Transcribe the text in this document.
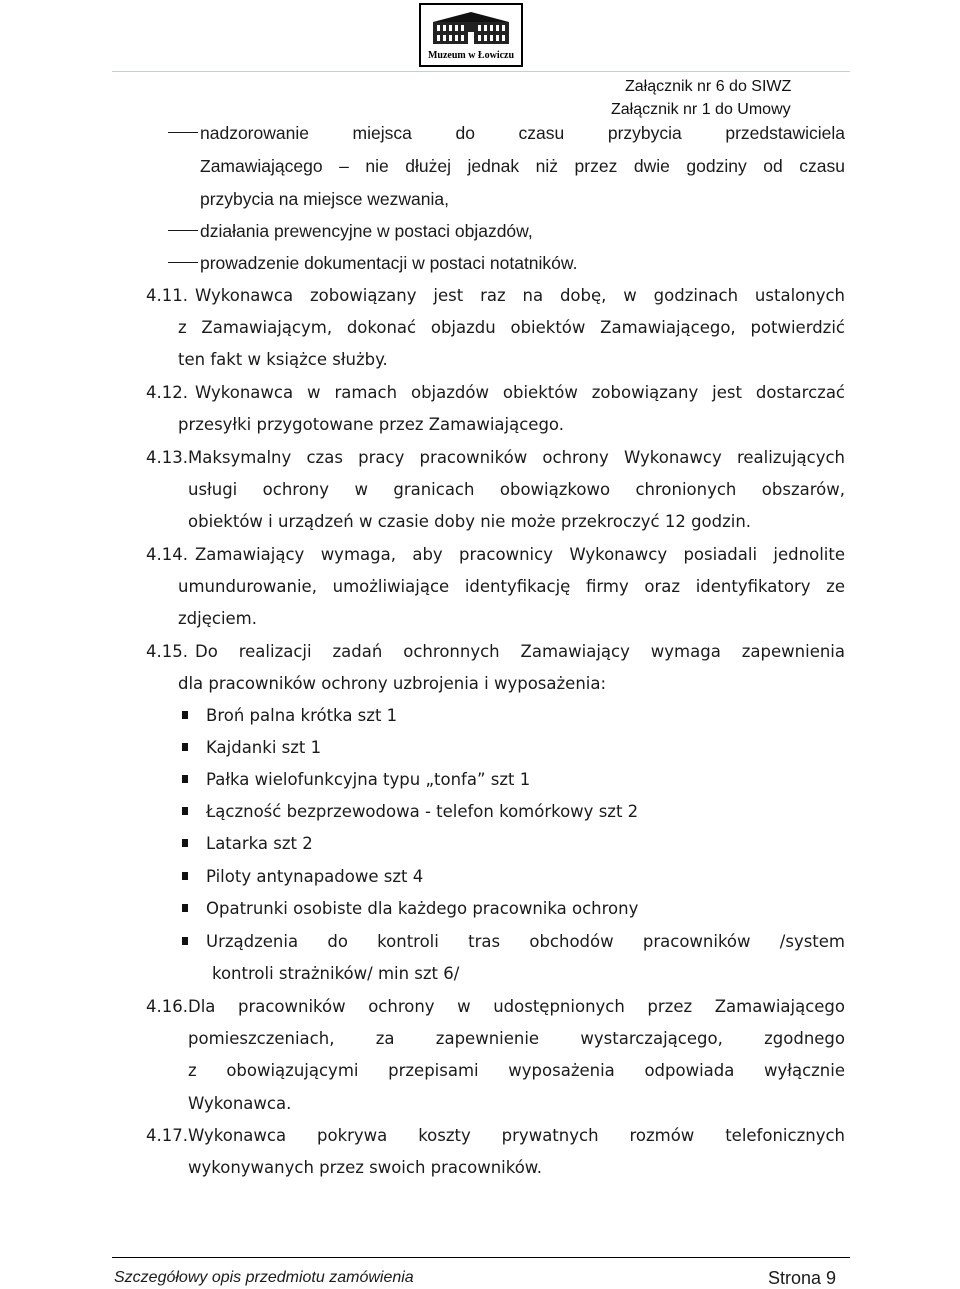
Muzeum w Łowiczu
Załącznik nr 6 do SIWZ
Załącznik nr 1 do Umowy
nadzorowanie miejsca do czasu przybycia przedstawiciela
Zamawiającego – nie dłużej jednak niż przez dwie godziny od czasu
przybycia na miejsce wezwania,
działania prewencyjne w postaci objazdów,
prowadzenie dokumentacji w postaci notatników.
4.11. Wykonawca zobowiązany jest raz na dobę, w godzinach ustalonych
z Zamawiającym, dokonać objazdu obiektów Zamawiającego, potwierdzić
ten fakt w książce służby.
4.12. Wykonawca w ramach objazdów obiektów zobowiązany jest dostarczać
przesyłki przygotowane przez Zamawiającego.
4.13. Maksymalny czas pracy pracowników ochrony Wykonawcy realizujących
usługi ochrony w granicach obowiązkowo chronionych obszarów,
obiektów i urządzeń w czasie doby nie może przekroczyć 12 godzin.
4.14. Zamawiający wymaga, aby pracownicy Wykonawcy posiadali jednolite
umundurowanie, umożliwiające identyfikację firmy oraz identyfikatory ze
zdjęciem.
4.15. Do realizacji zadań ochronnych Zamawiający wymaga zapewnienia
dla pracowników ochrony uzbrojenia i wyposażenia:
Broń palna krótka szt 1
Kajdanki szt 1
Pałka wielofunkcyjna typu „tonfa” szt 1
Łączność bezprzewodowa - telefon komórkowy szt 2
Latarka szt 2
Piloty antynapadowe szt 4
Opatrunki osobiste dla każdego pracownika ochrony
Urządzenia do kontroli tras obchodów pracowników /system
kontroli strażników/ min szt 6/
4.16. Dla pracowników ochrony w udostępnionych przez Zamawiającego
pomieszczeniach, za zapewnienie wystarczającego, zgodnego
z obowiązującymi przepisami wyposażenia odpowiada wyłącznie
Wykonawca.
4.17. Wykonawca pokrywa koszty prywatnych rozmów telefonicznych
wykonywanych przez swoich pracowników.
Szczegółowy opis przedmiotu zamówienia	Strona 9
